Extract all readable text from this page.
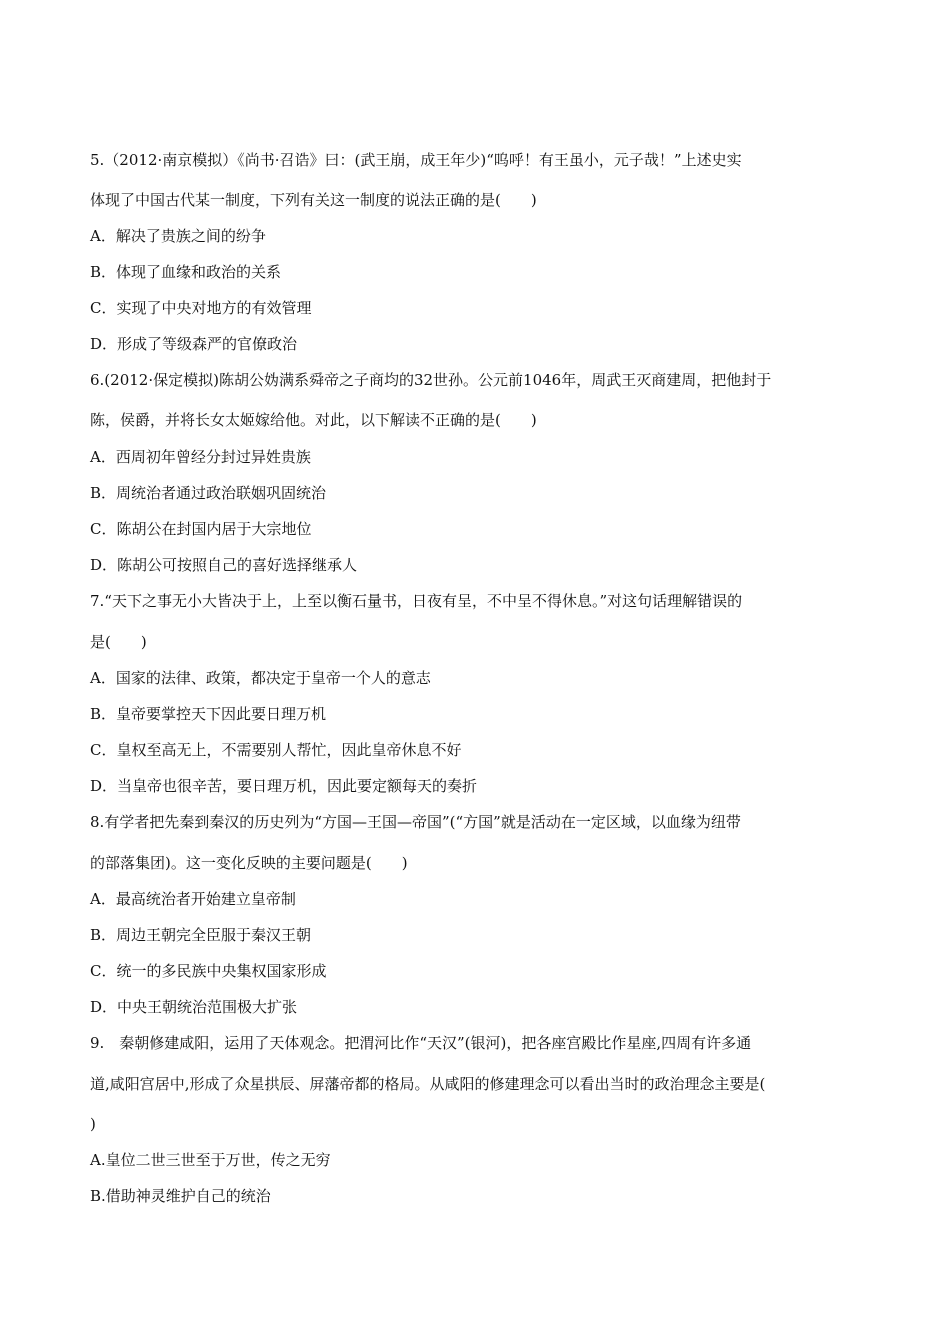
5.（2012·南京模拟）《尚书·召诰》曰：(武王崩，成王年少)“呜呼！有王虽小，元子哉！”上述史实
体现了中国古代某一制度，下列有关这一制度的说法正确的是(　　)
A．解决了贵族之间的纷争
B．体现了血缘和政治的关系
C．实现了中央对地方的有效管理
D．形成了等级森严的官僚政治
6.(2012·保定模拟)陈胡公妫满系舜帝之子商均的32世孙。公元前1046年，周武王灭商建周，把他封于
陈，侯爵，并将长女太姬嫁给他。对此，以下解读不正确的是(　　)
A．西周初年曾经分封过异姓贵族
B．周统治者通过政治联姻巩固统治
C．陈胡公在封国内居于大宗地位
D．陈胡公可按照自己的喜好选择继承人
7.“天下之事无小大皆决于上，上至以衡石量书，日夜有呈，不中呈不得休息。”对这句话理解错误的
是(　　)
A．国家的法律、政策，都决定于皇帝一个人的意志
B．皇帝要掌控天下因此要日理万机
C．皇权至高无上，不需要别人帮忙，因此皇帝休息不好
D．当皇帝也很辛苦，要日理万机，因此要定额每天的奏折
8.有学者把先秦到秦汉的历史列为“方国—王国—帝国”(“方国”就是活动在一定区域，以血缘为纽带
的部落集团)。这一变化反映的主要问题是(　　)
A．最高统治者开始建立皇帝制
B．周边王朝完全臣服于秦汉王朝
C．统一的多民族中央集权国家形成
D．中央王朝统治范围极大扩张
9.　秦朝修建咸阳，运用了天体观念。把渭河比作“天汉”(银河)，把各座宫殿比作星座,四周有许多通
道,咸阳宫居中,形成了众星拱辰、屏藩帝都的格局。从咸阳的修建理念可以看出当时的政治理念主要是(
)
A.皇位二世三世至于万世，传之无穷
B.借助神灵维护自己的统治
